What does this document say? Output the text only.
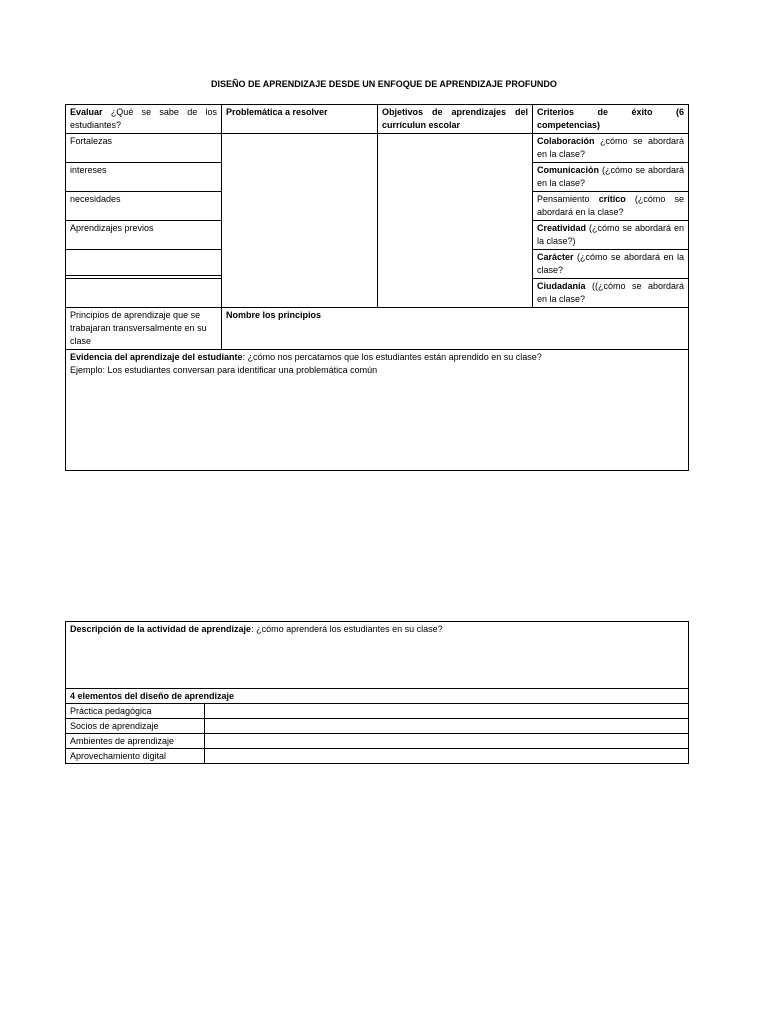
DISEÑO DE APRENDIZAJE DESDE UN ENFOQUE DE APRENDIZAJE PROFUNDO
Evaluar ¿Qué se sabe de los estudiantes?	Problemática a resolver	Objetivos de aprendizajes del currículun escolar	Criterios de éxito (6 competencias)
Fortalezas			Colaboración ¿cómo se abordará en la clase?
intereses			Comunicación (¿cómo se abordará en la clase?
necesidades			Pensamiento crítico (¿cómo se abordará en la clase?
Aprendizajes previos			Creatividad (¿cómo se abordará en la clase?)

			Carácter (¿cómo se abordará en la clase?
			Ciudadanía ((¿cómo se abordará en la clase?
Principios de aprendizaje que se trabajaran transversalmente en su clase	Nombre los principios		

Evidencia del aprendizaje del estudiante: ¿cómo nos percatamos que los estudiantes están aprendido en su clase?
Ejemplo: Los estudiantes conversan para identificar una problemática común			
Descripción de la actividad de aprendizaje: ¿cómo aprenderá los estudiantes en su clase?	
4 elementos del diseño de aprendizaje	
Práctica pedagógica	
Socios de aprendizaje	
Ambientes de aprendizaje	
Aprovechamiento digital	
